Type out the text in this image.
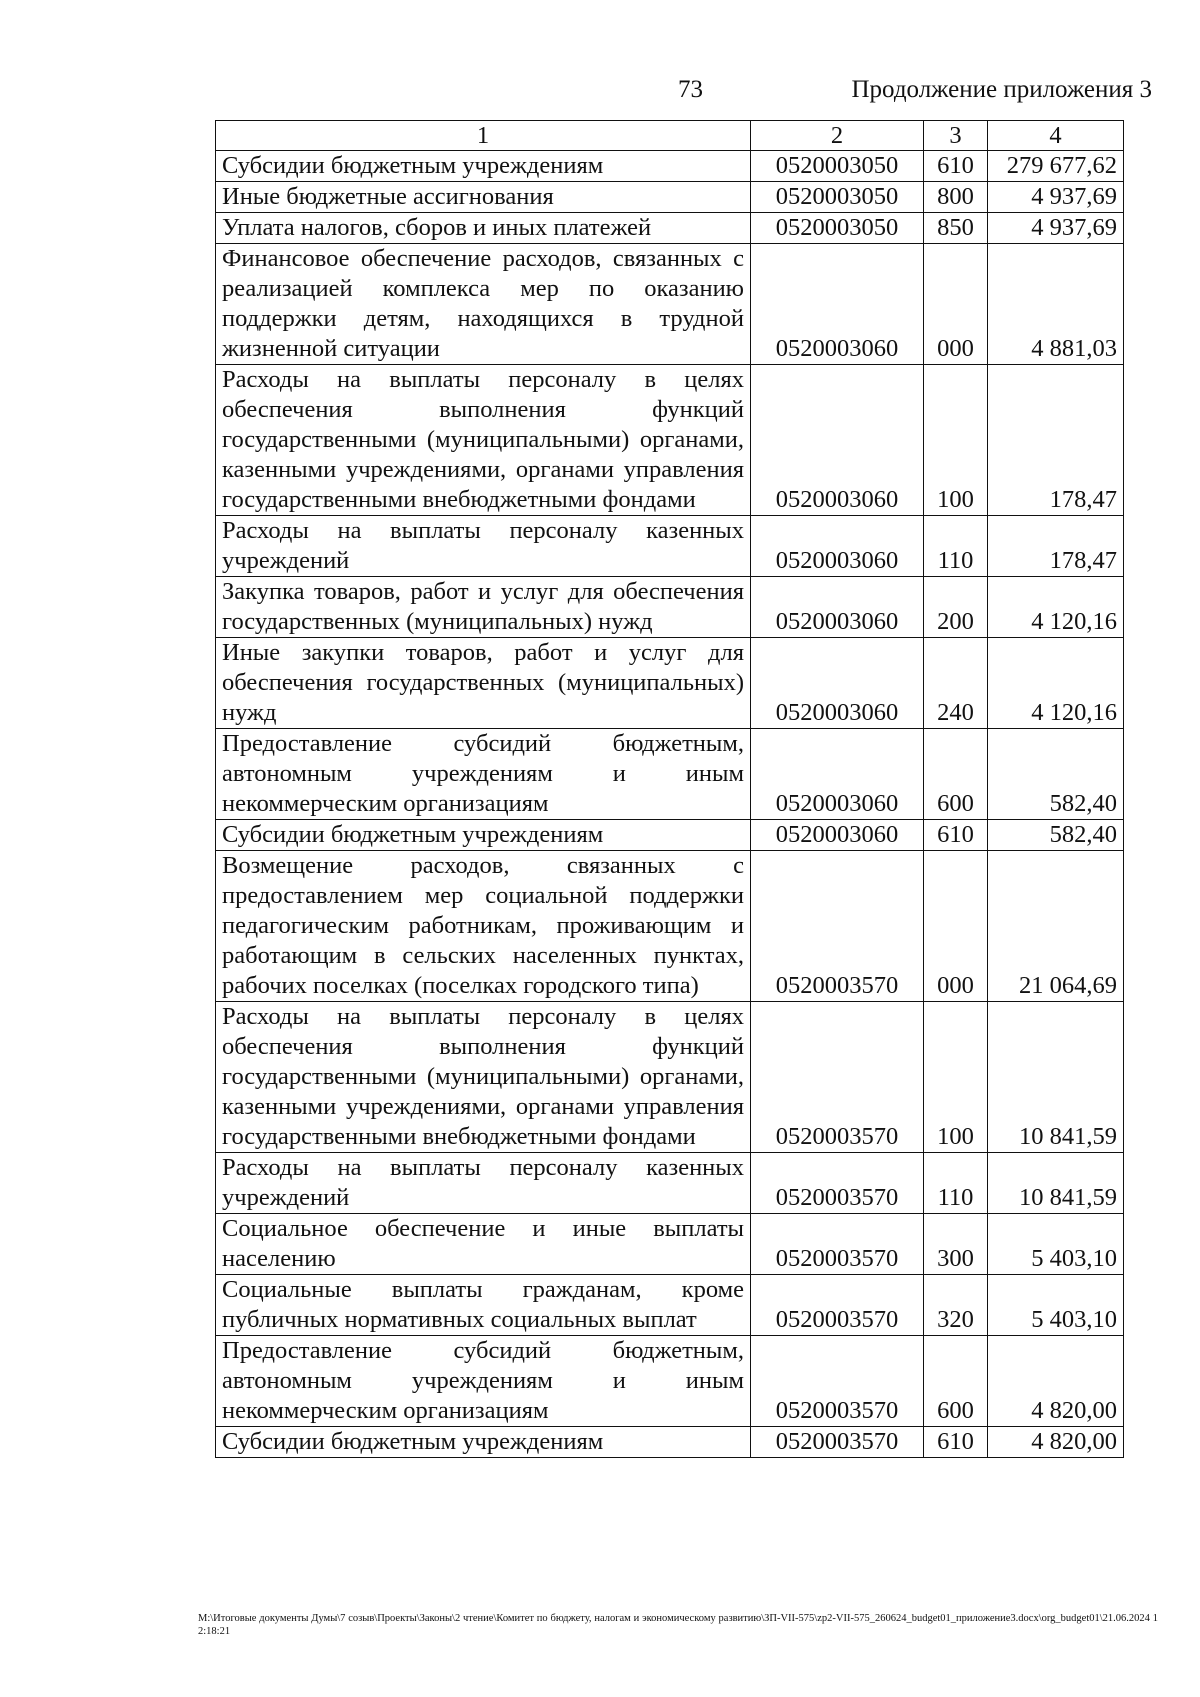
73	Продолжение приложения 3
1	2	3	4
Субсидии бюджетным учреждениям	0520003050	610	279 677,62
Иные бюджетные ассигнования	0520003050	800	4 937,69
Уплата налогов, сборов и иных платежей	0520003050	850	4 937,69
Финансовое обеспечение расходов, связанных с реализацией комплекса мер по оказанию поддержки детям, находящихся в трудной жизненной ситуации	0520003060	000	4 881,03
Расходы на выплаты персоналу в целях обеспечения выполнения функций государственными (муниципальными) органами, казенными учреждениями, органами управления государственными внебюджетными фондами	0520003060	100	178,47
Расходы на выплаты персоналу казенных учреждений	0520003060	110	178,47
Закупка товаров, работ и услуг для обеспечения государственных (муниципальных) нужд	0520003060	200	4 120,16
Иные закупки товаров, работ и услуг для обеспечения государственных (муниципальных) нужд	0520003060	240	4 120,16
Предоставление субсидий бюджетным, автономным учреждениям и иным некоммерческим организациям	0520003060	600	582,40
Субсидии бюджетным учреждениям	0520003060	610	582,40
Возмещение расходов, связанных с предоставлением мер социальной поддержки педагогическим работникам, проживающим и работающим в сельских населенных пунктах, рабочих поселках (поселках городского типа)	0520003570	000	21 064,69
Расходы на выплаты персоналу в целях обеспечения выполнения функций государственными (муниципальными) органами, казенными учреждениями, органами управления государственными внебюджетными фондами	0520003570	100	10 841,59
Расходы на выплаты персоналу казенных учреждений	0520003570	110	10 841,59
Социальное обеспечение и иные выплаты населению	0520003570	300	5 403,10
Социальные выплаты гражданам, кроме публичных нормативных социальных выплат	0520003570	320	5 403,10
Предоставление субсидий бюджетным, автономным учреждениям и иным некоммерческим организациям	0520003570	600	4 820,00
Субсидии бюджетным учреждениям	0520003570	610	4 820,00
M:\Итоговые документы Думы\7 созыв\Проекты\Законы\2 чтение\Комитет по бюджету, налогам и экономическому развитию\ЗП-VII-575\zp2-VII-575_260624_budget01_приложение3.docx\org_budget01\21.06.2024 12:18:21
